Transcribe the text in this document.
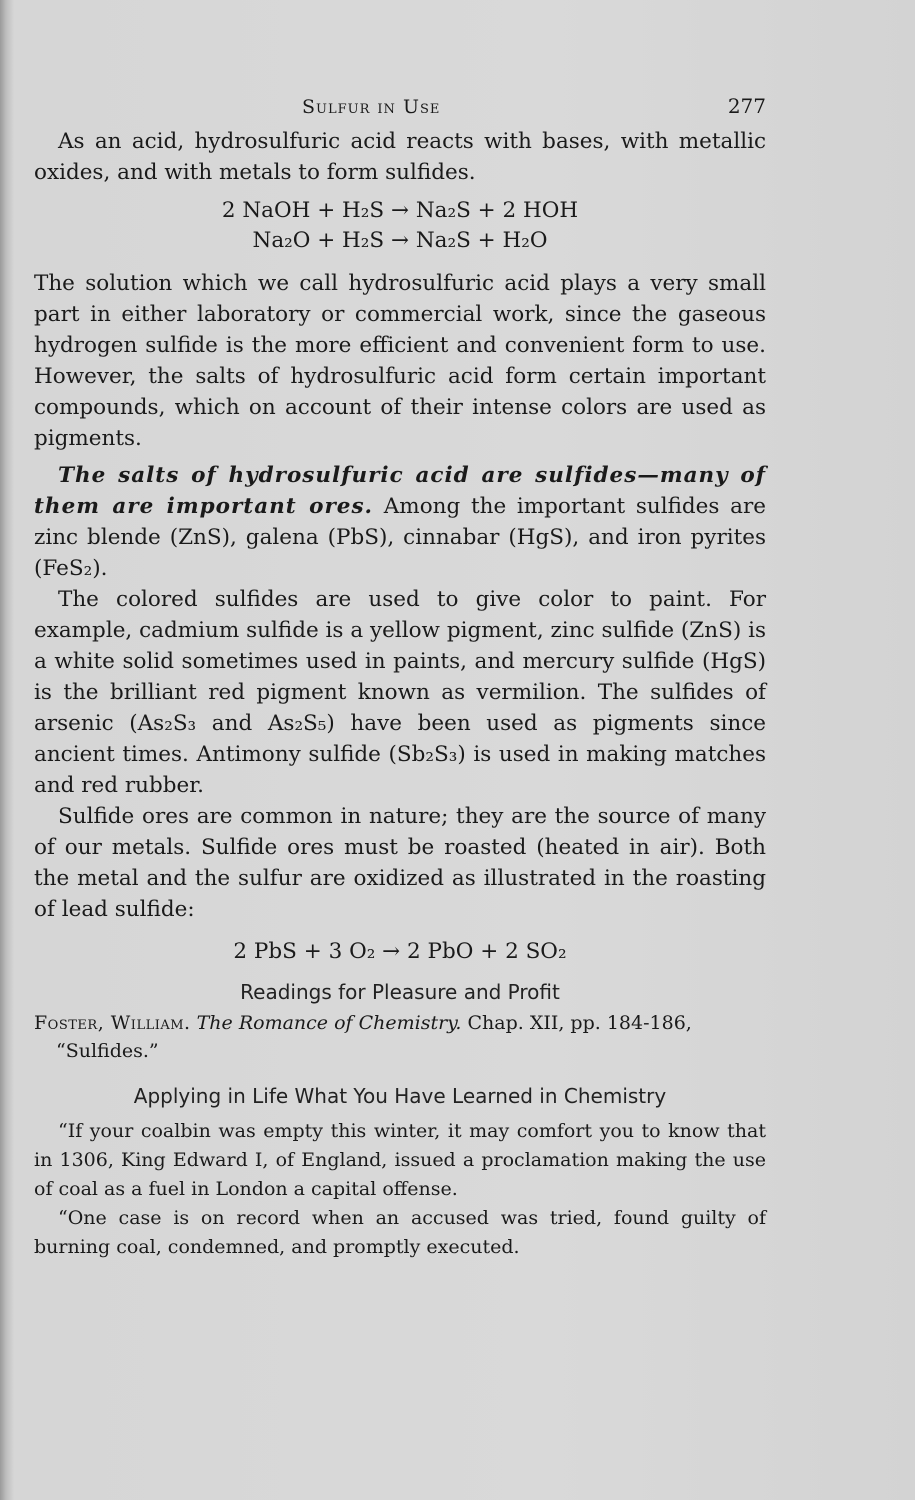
Sulfur in Use	277

As an acid, hydrosulfuric acid reacts with bases, with metallic oxides, and with metals to form sulfides.

2 NaOH + H₂S → Na₂S + 2 HOH
Na₂O + H₂S → Na₂S + H₂O

The solution which we call hydrosulfuric acid plays a very small part in either laboratory or commercial work, since the gaseous hydrogen sulfide is the more efficient and convenient form to use. However, the salts of hydrosulfuric acid form certain important compounds, which on account of their intense colors are used as pigments.

The salts of hydrosulfuric acid are sulfides—many of them are important ores. Among the important sulfides are zinc blende (ZnS), galena (PbS), cinnabar (HgS), and iron pyrites (FeS₂).

The colored sulfides are used to give color to paint. For example, cadmium sulfide is a yellow pigment, zinc sulfide (ZnS) is a white solid sometimes used in paints, and mercury sulfide (HgS) is the brilliant red pigment known as vermilion. The sulfides of arsenic (As₂S₃ and As₂S₅) have been used as pigments since ancient times. Antimony sulfide (Sb₂S₃) is used in making matches and red rubber.

Sulfide ores are common in nature; they are the source of many of our metals. Sulfide ores must be roasted (heated in air). Both the metal and the sulfur are oxidized as illustrated in the roasting of lead sulfide:

2 PbS + 3 O₂ → 2 PbO + 2 SO₂
Readings for Pleasure and Profit

Foster, William. The Romance of Chemistry. Chap. XII, pp. 184-186, “Sulfides.”

Applying in Life What You Have Learned in Chemistry

“If your coalbin was empty this winter, it may comfort you to know that in 1306, King Edward I, of England, issued a proclamation making the use of coal as a fuel in London a capital offense.

“One case is on record when an accused was tried, found guilty of burning coal, condemned, and promptly executed.
